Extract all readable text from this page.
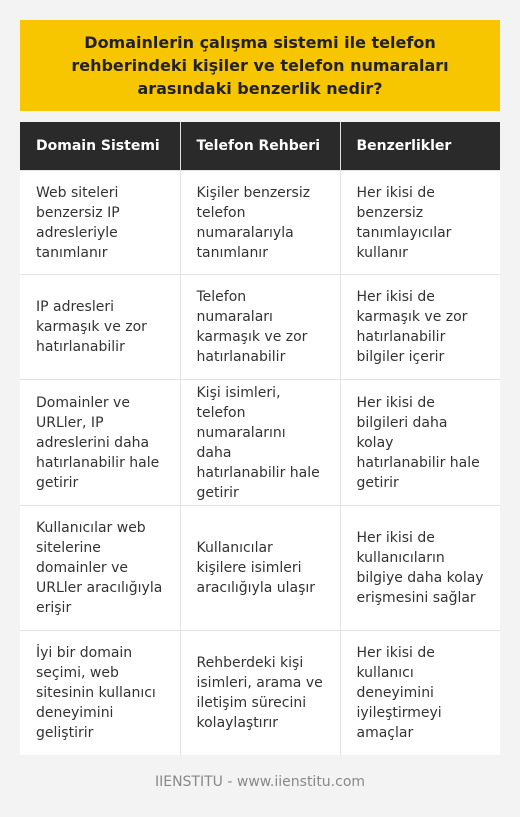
Domainlerin çalışma sistemi ile telefon rehberindeki kişiler ve telefon numaraları arasındaki benzerlik nedir?
Domain Sistemi	Telefon Rehberi	Benzerlikler
Web siteleri benzersiz IP adresleriyle tanımlanır	Kişiler benzersiz telefon numaralarıyla tanımlanır	Her ikisi de benzersiz tanımlayıcılar kullanır
IP adresleri karmaşık ve zor hatırlanabilir	Telefon numaraları karmaşık ve zor hatırlanabilir	Her ikisi de karmaşık ve zor hatırlanabilir bilgiler içerir
Domainler ve URLler, IP adreslerini daha hatırlanabilir hale getirir	Kişi isimleri, telefon numaralarını daha hatırlanabilir hale getirir	Her ikisi de bilgileri daha kolay hatırlanabilir hale getirir
Kullanıcılar web sitelerine domainler ve URLler aracılığıyla erişir	Kullanıcılar kişilere isimleri aracılığıyla ulaşır	Her ikisi de kullanıcıların bilgiye daha kolay erişmesini sağlar
İyi bir domain seçimi, web sitesinin kullanıcı deneyimini geliştirir	Rehberdeki kişi isimleri, arama ve iletişim sürecini kolaylaştırır	Her ikisi de kullanıcı deneyimini iyileştirmeyi amaçlar
IIENSTITU - www.iienstitu.com
